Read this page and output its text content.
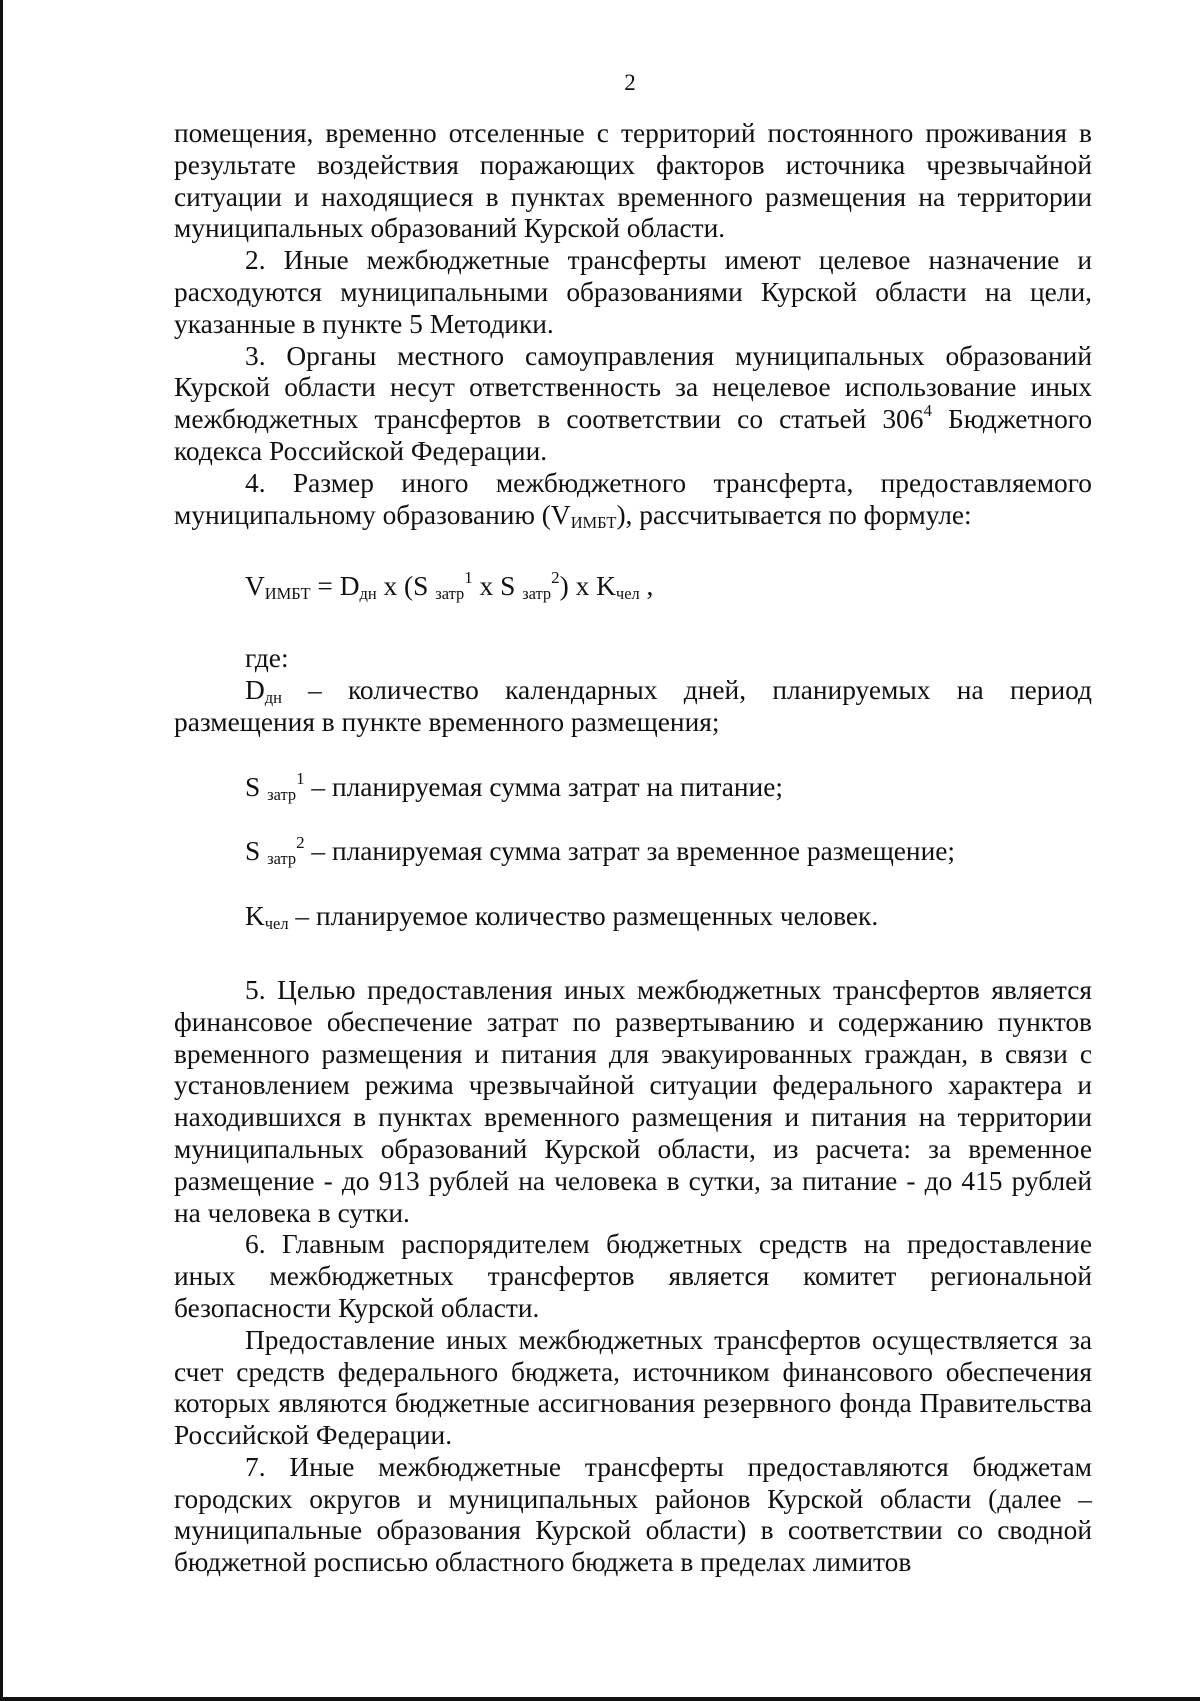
2

помещения, временно отселенные с территорий постоянного проживания в результате воздействия поражающих факторов источника чрезвычайной ситуации и находящиеся в пунктах временного размещения на территории муниципальных образований Курской области.

2. Иные межбюджетные трансферты имеют целевое назначение и расходуются муниципальными образованиями Курской области на цели, указанные в пункте 5 Методики.

3. Органы местного самоуправления муниципальных образований Курской области несут ответственность за нецелевое использование иных межбюджетных трансфертов в соответствии со статьей $306^4$ Бюджетного кодекса Российской Федерации.

4. Размер иного межбюджетного трансферта, предоставляемого муниципальному образованию $(V_{ИМБТ})$, рассчитывается по формуле:

$V_{ИМБТ} = D_{дн}$ x (S $_{затр}^1$ x S $_{затр}^2$) x $K_{чел}$ ,
где:

$D_{дн}$ – количество календарных дней, планируемых на период размещения в пункте временного размещения;

S $_{затр}^1$ – планируемая сумма затрат на питание;

S $_{затр}^2$ – планируемая сумма затрат за временное размещение;

$K_{чел}$ – планируемое количество размещенных человек.

5. Целью предоставления иных межбюджетных трансфертов является финансовое обеспечение затрат по развертыванию и содержанию пунктов временного размещения и питания для эвакуированных граждан, в связи с установлением режима чрезвычайной ситуации федерального характера и находившихся в пунктах временного размещения и питания на территории муниципальных образований Курской области, из расчета: за временное размещение - до 913 рублей на человека в сутки, за питание - до 415 рублей на человека в сутки.

6. Главным распорядителем бюджетных средств на предоставление иных межбюджетных трансфертов является комитет региональной безопасности Курской области.

Предоставление иных межбюджетных трансфертов осуществляется за счет средств федерального бюджета, источником финансового обеспечения которых являются бюджетные ассигнования резервного фонда Правительства Российской Федерации.

7. Иные межбюджетные трансферты предоставляются бюджетам городских округов и муниципальных районов Курской области (далее – муниципальные образования Курской области) в соответствии со сводной бюджетной росписью областного бюджета в пределах лимитов
